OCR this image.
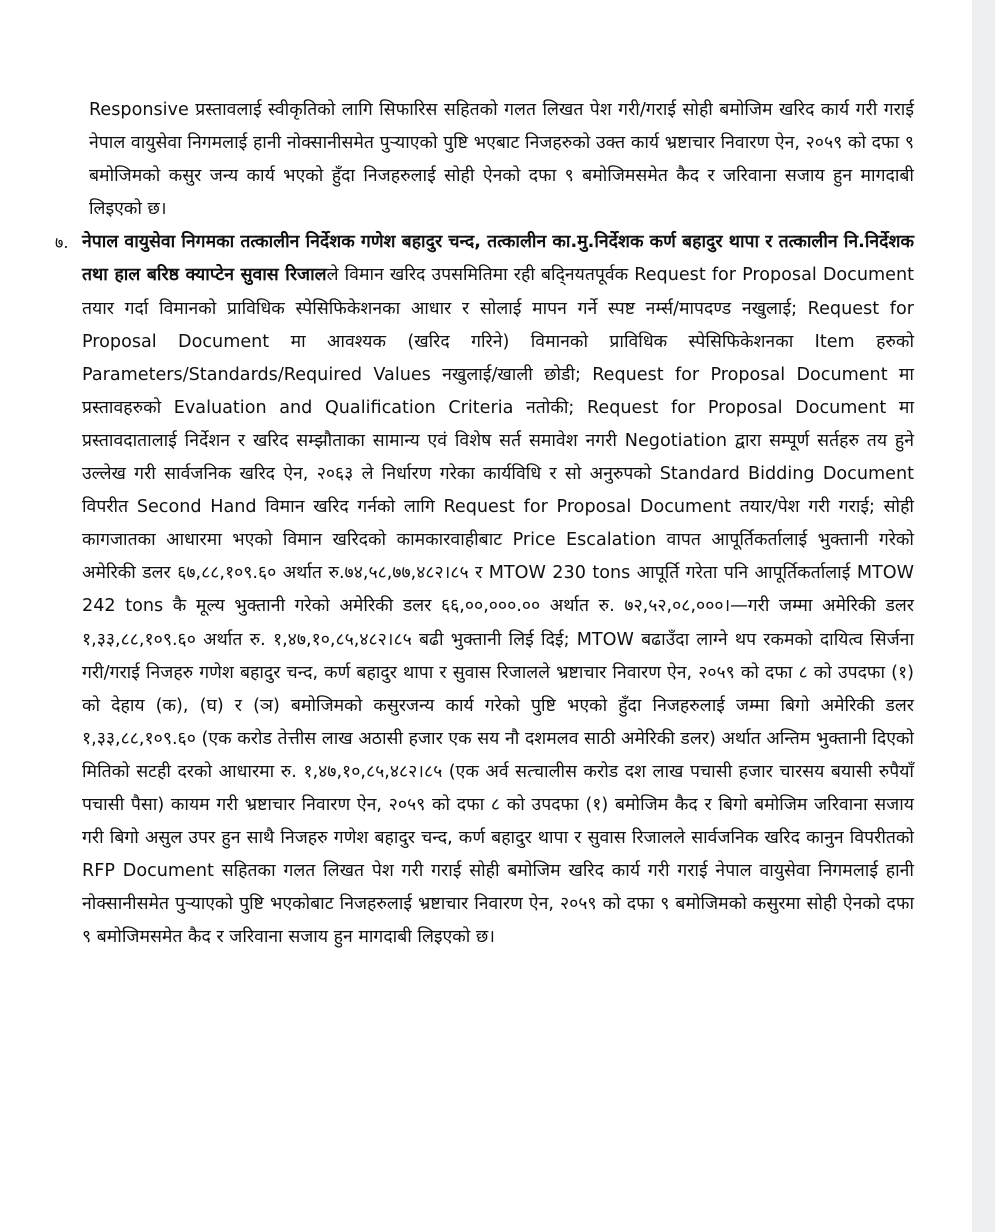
Responsive प्रस्तावलाई स्वीकृतिको लागि सिफारिस सहितको गलत लिखत पेश गरी/गराई सोही बमोजिम खरिद कार्य गरी गराई नेपाल वायुसेवा निगमलाई हानी नोक्सानीसमेत पुऱ्याएको पुष्टि भएबाट निजहरुको उक्त कार्य भ्रष्टाचार निवारण ऐन, २०५९ को दफा ९ बमोजिमको कसुर जन्य कार्य भएको हुँदा निजहरुलाई सोही ऐनको दफा ९ बमोजिमसमेत कैद र जरिवाना सजाय हुन मागदाबी लिइएको छ।

७. नेपाल वायुसेवा निगमका तत्कालीन निर्देशक गणेश बहादुर चन्द, तत्कालीन का.मु.निर्देशक कर्ण बहादुर थापा र तत्कालीन नि.निर्देशक तथा हाल बरिष्ठ क्याप्टेन सुवास रिजालले विमान खरिद उपसमितिमा रही बदि्नयतपूर्वक Request for Proposal Document तयार गर्दा विमानको प्राविधिक स्पेसिफिकेशनका आधार र सोलाई मापन गर्ने स्पष्ट नर्म्स/मापदण्ड नखुलाई; Request for Proposal Document मा आवश्यक (खरिद गरिने) विमानको प्राविधिक स्पेसिफिकेशनका Item हरुको Parameters/Standards/Required Values नखुलाई/खाली छोडी; Request for Proposal Document मा प्रस्तावहरुको Evaluation and Qualification Criteria नतोकी; Request for Proposal Document मा प्रस्तावदातालाई निर्देशन र खरिद सम्झौताका सामान्य एवं विशेष सर्त समावेश नगरी Negotiation द्वारा सम्पूर्ण सर्तहरु तय हुने उल्लेख गरी सार्वजनिक खरिद ऐन, २०६३ ले निर्धारण गरेका कार्यविधि र सो अनुरुपको Standard Bidding Document विपरीत Second Hand विमान खरिद गर्नको लागि Request for Proposal Document तयार/पेश गरी गराई; सोही कागजातका आधारमा भएको विमान खरिदको कामकारवाहीबाट Price Escalation वापत आपूर्तिकर्तालाई भुक्तानी गरेको अमेरिकी डलर ६७,८८,१०९.६० अर्थात रु.७४,५८,७७,४८२।८५ र MTOW 230 tons आपूर्ति गरेता पनि आपूर्तिकर्तालाई MTOW 242 tons कै मूल्य भुक्तानी गरेको अमेरिकी डलर ६६,००,०००.०० अर्थात रु. ७२,५२,०८,०००।—गरी जम्मा अमेरिकी डलर १,३३,८८,१०९.६० अर्थात रु. १,४७,१०,८५,४८२।८५ बढी भुक्तानी लिई दिई; MTOW बढाउँदा लाग्ने थप रकमको दायित्व सिर्जना गरी/गराई निजहरु गणेश बहादुर चन्द, कर्ण बहादुर थापा र सुवास रिजालले भ्रष्टाचार निवारण ऐन, २०५९ को दफा ८ को उपदफा (१) को देहाय (क), (घ) र (ञ) बमोजिमको कसुरजन्य कार्य गरेको पुष्टि भएको हुँदा निजहरुलाई जम्मा बिगो अमेरिकी डलर १,३३,८८,१०९.६० (एक करोड तेत्तीस लाख अठासी हजार एक सय नौ दशमलव साठी अमेरिकी डलर) अर्थात अन्तिम भुक्तानी दिएको मितिको सटही दरको आधारमा रु. १,४७,१०,८५,४८२।८५ (एक अर्व सत्चालीस करोड दश लाख पचासी हजार चारसय बयासी रुपैयाँ पचासी पैसा) कायम गरी भ्रष्टाचार निवारण ऐन, २०५९ को दफा ८ को उपदफा (१) बमोजिम कैद र बिगो बमोजिम जरिवाना सजाय गरी बिगो असुल उपर हुन साथै निजहरु गणेश बहादुर चन्द, कर्ण बहादुर थापा र सुवास रिजालले सार्वजनिक खरिद कानुन विपरीतको RFP Document सहितका गलत लिखत पेश गरी गराई सोही बमोजिम खरिद कार्य गरी गराई नेपाल वायुसेवा निगमलाई हानी नोक्सानीसमेत पुऱ्याएको पुष्टि भएकोबाट निजहरुलाई भ्रष्टाचार निवारण ऐन, २०५९ को दफा ९ बमोजिमको कसुरमा सोही ऐनको दफा ९ बमोजिमसमेत कैद र जरिवाना सजाय हुन मागदाबी लिइएको छ।
